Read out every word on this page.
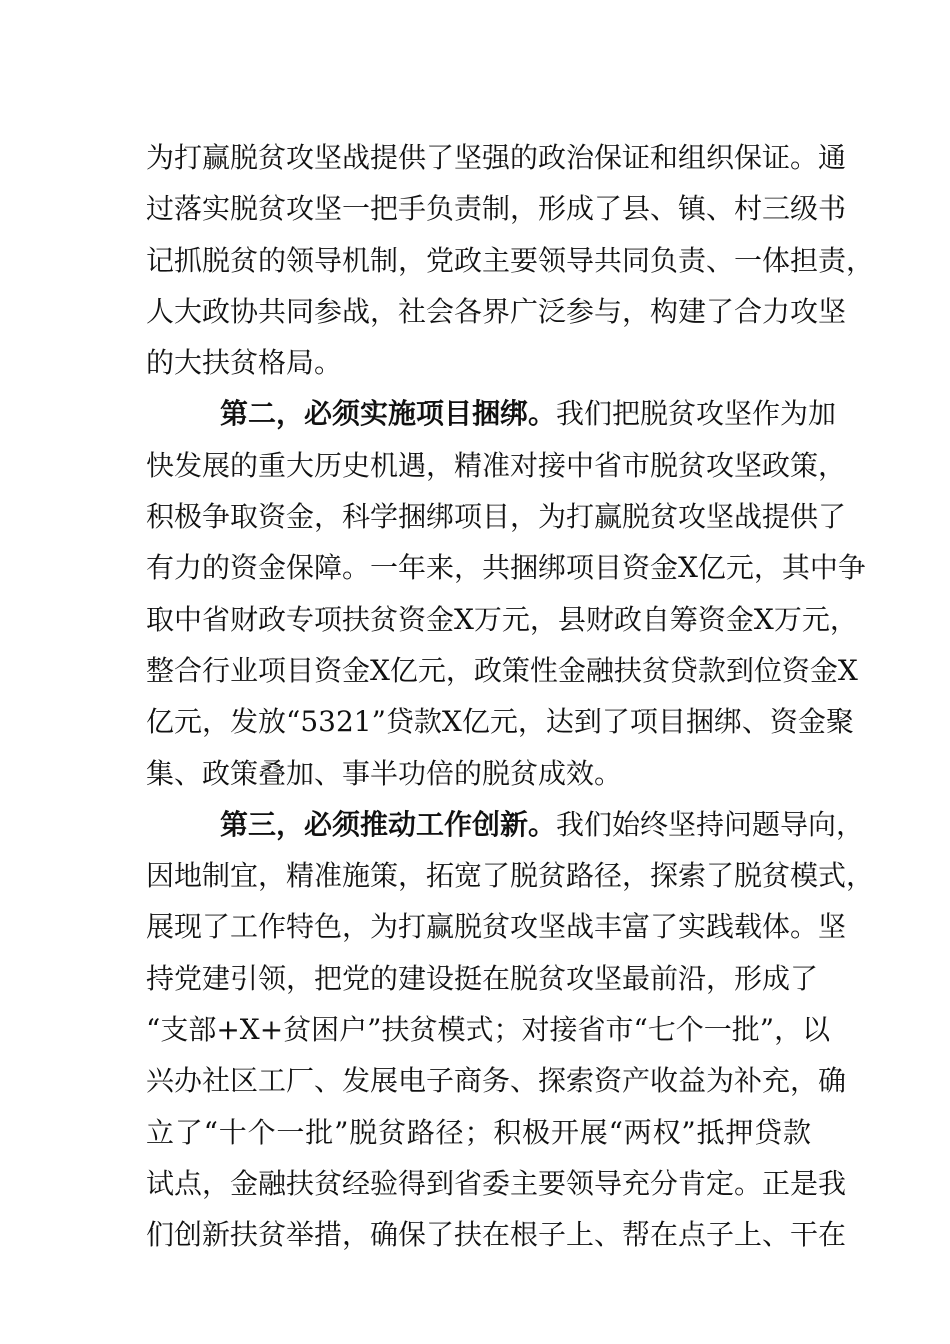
为打赢脱贫攻坚战提供了坚强的政治保证和组织保证。通
过落实脱贫攻坚一把手负责制，形成了县、镇、村三级书
记抓脱贫的领导机制，党政主要领导共同负责、一体担责，
人大政协共同参战，社会各界广泛参与，构建了合力攻坚
的大扶贫格局。
第二，必须实施项目捆绑。我们把脱贫攻坚作为加
快发展的重大历史机遇，精准对接中省市脱贫攻坚政策，
积极争取资金，科学捆绑项目，为打赢脱贫攻坚战提供了
有力的资金保障。一年来，共捆绑项目资金X亿元，其中争
取中省财政专项扶贫资金X万元，县财政自筹资金X万元，
整合行业项目资金X亿元，政策性金融扶贫贷款到位资金X
亿元，发放“5321”贷款X亿元，达到了项目捆绑、资金聚
集、政策叠加、事半功倍的脱贫成效。
第三，必须推动工作创新。我们始终坚持问题导向，
因地制宜，精准施策，拓宽了脱贫路径，探索了脱贫模式，
展现了工作特色，为打赢脱贫攻坚战丰富了实践载体。坚
持党建引领，把党的建设挺在脱贫攻坚最前沿，形成了
“支部+X+贫困户”扶贫模式；对接省市“七个一批”，以
兴办社区工厂、发展电子商务、探索资产收益为补充，确
立了“十个一批”脱贫路径；积极开展“两权”抵押贷款
试点，金融扶贫经验得到省委主要领导充分肯定。正是我
们创新扶贫举措，确保了扶在根子上、帮在点子上、干在
